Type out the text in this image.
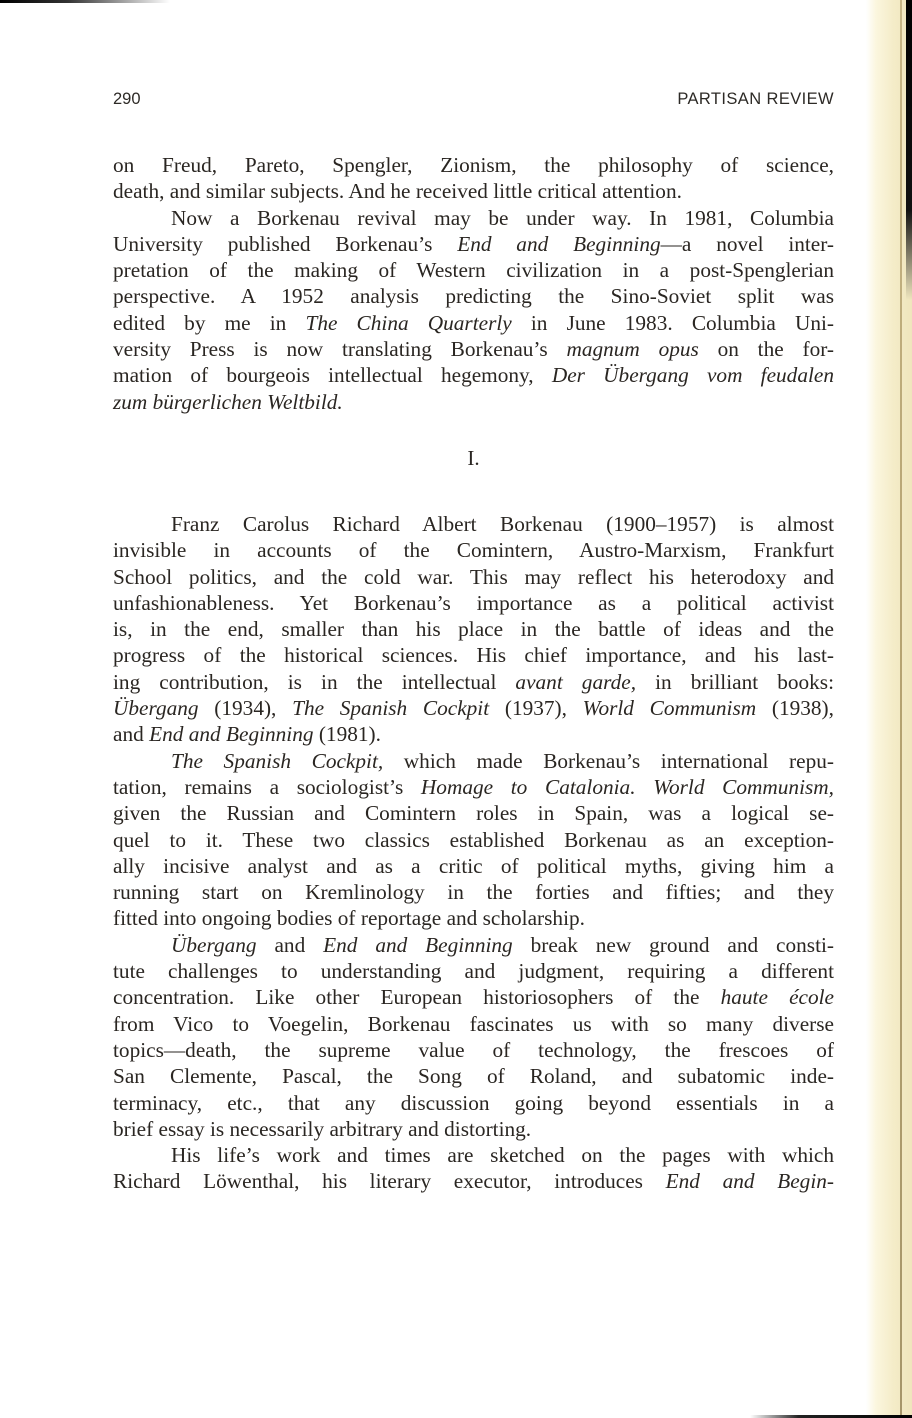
290	PARTISAN REVIEW

on Freud, Pareto, Spengler, Zionism, the philosophy of science,
death, and similar subjects. And he received little critical attention.

Now a Borkenau revival may be under way. In 1981, Columbia
University published Borkenau’s End and Beginning—a novel inter-
pretation of the making of Western civilization in a post-Spenglerian
perspective. A 1952 analysis predicting the Sino-Soviet split was
edited by me in The China Quarterly in June 1983. Columbia Uni-
versity Press is now translating Borkenau’s magnum opus on the for-
mation of bourgeois intellectual hegemony, Der Übergang vom feudalen
zum bürgerlichen Weltbild.

I.

Franz Carolus Richard Albert Borkenau (1900–1957) is almost
invisible in accounts of the Comintern, Austro-Marxism, Frankfurt
School politics, and the cold war. This may reflect his heterodoxy and
unfashionableness. Yet Borkenau’s importance as a political activist
is, in the end, smaller than his place in the battle of ideas and the
progress of the historical sciences. His chief importance, and his last-
ing contribution, is in the intellectual avant garde, in brilliant books:
Übergang (1934), The Spanish Cockpit (1937), World Communism (1938),
and End and Beginning (1981).

The Spanish Cockpit, which made Borkenau’s international repu-
tation, remains a sociologist’s Homage to Catalonia. World Communism,
given the Russian and Comintern roles in Spain, was a logical se-
quel to it. These two classics established Borkenau as an exception-
ally incisive analyst and as a critic of political myths, giving him a
running start on Kremlinology in the forties and fifties; and they
fitted into ongoing bodies of reportage and scholarship.

Übergang and End and Beginning break new ground and consti-
tute challenges to understanding and judgment, requiring a different
concentration. Like other European historiosophers of the haute école
from Vico to Voegelin, Borkenau fascinates us with so many diverse
topics—death, the supreme value of technology, the frescoes of
San Clemente, Pascal, the Song of Roland, and subatomic inde-
terminacy, etc., that any discussion going beyond essentials in a
brief essay is necessarily arbitrary and distorting.

His life’s work and times are sketched on the pages with which
Richard Löwenthal, his literary executor, introduces End and Begin-
